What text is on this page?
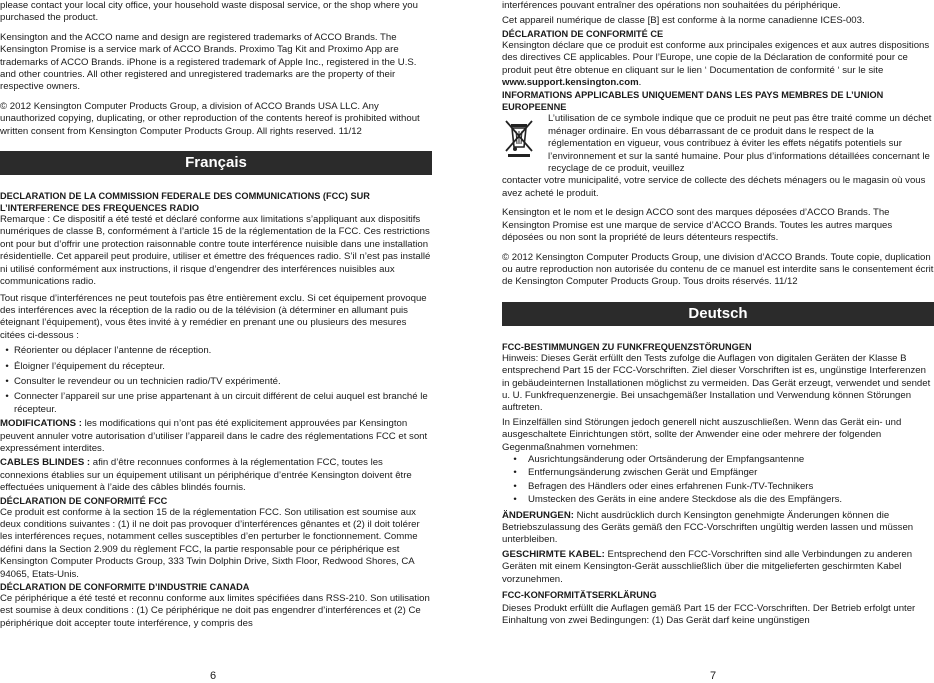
please contact your local city office, your household waste disposal service, or the shop where you purchased the product.

Kensington and the ACCO name and design are registered trademarks of ACCO Brands. The Kensington Promise is a service mark of ACCO Brands. Proximo Tag Kit and Proximo App are trademarks of ACCO Brands. iPhone is a registered trademark of Apple Inc., registered in the U.S. and other countries. All other registered and unregistered trademarks are the property of their respective owners.

© 2012 Kensington Computer Products Group, a division of ACCO Brands USA LLC. Any unauthorized copying, duplicating, or other reproduction of the contents hereof is prohibited without written consent from Kensington Computer Products Group. All rights reserved. 11/12

Français

DECLARATION DE LA COMMISSION FEDERALE DES COMMUNICATIONS (FCC) SUR L’INTERFERENCE DES FREQUENCES RADIO

Remarque : Ce dispositif a été testé et déclaré conforme aux limitations s’appliquant aux dispositifs numériques de classe B, conformément à l’article 15 de la réglementation de la FCC. Ces restrictions ont pour but d’offrir une protection raisonnable contre toute interférence nuisible dans une installation résidentielle. Cet appareil peut produire, utiliser et émettre des fréquences radio. S’il n’est pas installé ni utilisé conformément aux instructions, il risque d’engendrer des interférences nuisibles aux communications radio.

Tout risque d’interférences ne peut toutefois pas être entièrement exclu. Si cet équipement provoque des interférences avec la réception de la radio ou de la télévision (à déterminer en allumant puis éteignant l’équipement), vous êtes invité à y remédier en prenant une ou plusieurs des mesures citées ci-dessous :

• Réorienter ou déplacer l’antenne de réception.
• Éloigner l’équipement du récepteur.
• Consulter le revendeur ou un technicien radio/TV expérimenté.
• Connecter l’appareil sur une prise appartenant à un circuit différent de celui auquel est branché le récepteur.

MODIFICATIONS : les modifications qui n’ont pas été explicitement approuvées par Kensington peuvent annuler votre autorisation d’utiliser l’appareil dans le cadre des réglementations FCC et sont expressément interdites.

CABLES BLINDES : afin d’être reconnues conformes à la réglementation FCC, toutes les connexions établies sur un équipement utilisant un périphérique d’entrée Kensington doivent être effectuées uniquement à l’aide des câbles blindés fournis.

DÉCLARATION DE CONFORMITÉ FCC

Ce produit est conforme à la section 15 de la réglementation FCC. Son utilisation est soumise aux deux conditions suivantes : (1) il ne doit pas provoquer d’interférences gênantes et (2) il doit tolérer les interférences reçues, notamment celles susceptibles d’en perturber le fonctionnement. Comme défini dans la Section 2.909 du règlement FCC, la partie responsable pour ce périphérique est Kensington Computer Products Group, 333 Twin Dolphin Drive, Sixth Floor, Redwood Shores, CA 94065, Etats-Unis.

DÉCLARATION DE CONFORMITE D’INDUSTRIE CANADA

Ce périphérique a été testé et reconnu conforme aux limites spécifiées dans RSS-210. Son utilisation est soumise à deux conditions : (1) Ce périphérique ne doit pas engendrer d’interférences et (2) Ce périphérique doit accepter toute interférence, y compris des

6

interférences pouvant entraîner des opérations non souhaitées du périphérique.

Cet appareil numérique de classe [B] est conforme à la norme canadienne ICES-003.

DÉCLARATION DE CONFORMITÉ CE

Kensington déclare que ce produit est conforme aux principales exigences et aux autres dispositions des directives CE applicables. Pour l’Europe, une copie de la Déclaration de conformité pour ce produit peut être obtenue en cliquant sur le lien ‘ Documentation de conformité ‘ sur le site www.support.kensington.com.

INFORMATIONS APPLICABLES UNIQUEMENT DANS LES PAYS MEMBRES DE L’UNION EUROPEENNE

L’utilisation de ce symbole indique que ce produit ne peut pas être traité comme un déchet ménager ordinaire. En vous débarrassant de ce produit dans le respect de la réglementation en vigueur, vous contribuez à éviter les effets négatifs potentiels sur l’environnement et sur la santé humaine. Pour plus d’informations détaillées concernant le recyclage de ce produit, veuillez

contacter votre municipalité, votre service de collecte des déchets ménagers ou le magasin où vous avez acheté le produit.

Kensington et le nom et le design ACCO sont des marques déposées d’ACCO Brands. The Kensington Promise est une marque de service d’ACCO Brands. Toutes les autres marques déposées ou non sont la propriété de leurs détenteurs respectifs.

© 2012 Kensington Computer Products Group, une division d’ACCO Brands. Toute copie, duplication ou autre reproduction non autorisée du contenu de ce manuel est interdite sans le consentement écrit de Kensington Computer Products Group. Tous droits réservés. 11/12

Deutsch

FCC-BESTIMMUNGEN ZU FUNKFREQUENZSTÖRUNGEN

Hinweis: Dieses Gerät erfüllt den Tests zufolge die Auflagen von digitalen Geräten der Klasse B entsprechend Part 15 der FCC-Vorschriften. Ziel dieser Vorschriften ist es, ungünstige Interferenzen in gebäudeinternen Installationen möglichst zu vermeiden. Das Gerät erzeugt, verwendet und sendet u. U. Funkfrequenzenergie. Bei unsachgemäßer Installation und Verwendung können Störungen auftreten.

In Einzelfällen sind Störungen jedoch generell nicht auszuschließen. Wenn das Gerät ein- und ausgeschaltete Einrichtungen stört, sollte der Anwender eine oder mehrere der folgenden Gegenmaßnahmen vornehmen:

•	Ausrichtungsänderung oder Ortsänderung der Empfangsantenne
•	Entfernungsänderung zwischen Gerät und Empfänger
•	Befragen des Händlers oder eines erfahrenen Funk-/TV-Technikers
•	Umstecken des Geräts in eine andere Steckdose als die des Empfängers.

ÄNDERUNGEN: Nicht ausdrücklich durch Kensington genehmigte Änderungen können die Betriebszulassung des Geräts gemäß den FCC-Vorschriften ungültig werden lassen und müssen unterbleiben.

GESCHIRMTE KABEL: Entsprechend den FCC-Vorschriften sind alle Verbindungen zu anderen Geräten mit einem Kensington-Gerät ausschließlich über die mitgelieferten geschirmten Kabel vorzunehmen.

FCC-KONFORMITÄTSERKLÄRUNG

Dieses Produkt erfüllt die Auflagen gemäß Part 15 der FCC-Vorschriften. Der Betrieb erfolgt unter Einhaltung von zwei Bedingungen: (1) Das Gerät darf keine ungünstigen

7
